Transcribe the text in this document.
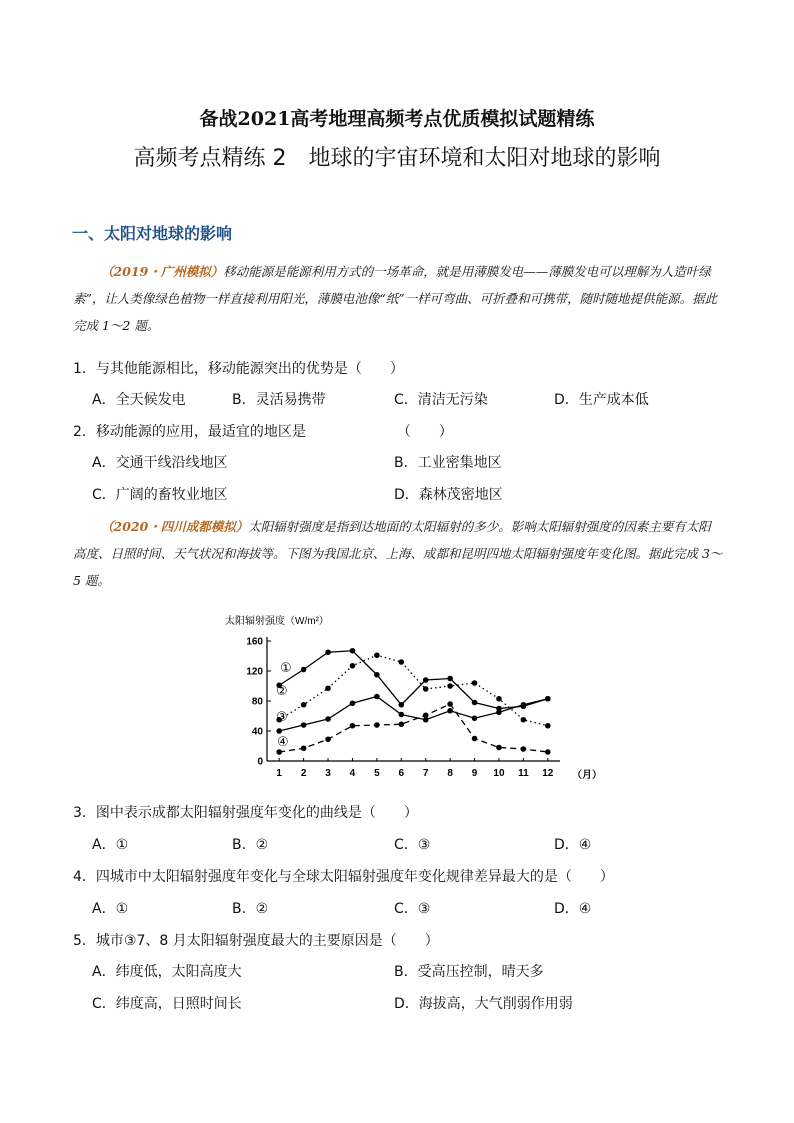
备战2021高考地理高频考点优质模拟试题精练
高频考点精练 2　地球的宇宙环境和太阳对地球的影响
一、太阳对地球的影响
（2019・广州模拟）移动能源是能源利用方式的一场革命，就是用薄膜发电——薄膜发电可以理解为人造叶绿素”，让人类像绿色植物一样直接利用阳光，薄膜电池像“纸”一样可弯曲、可折叠和可携带，随时随地提供能源。据此完成 1～2 题。
1．与其他能源相比，移动能源突出的优势是（　　）
A．全天候发电	B．灵活易携带	C．清洁无污染	D．生产成本低
2．移动能源的应用，最适宜的地区是　　　　　　　（　　）
A．交通干线沿线地区	B．工业密集地区
C．广阔的畜牧业地区	D．森林茂密地区
（2020・四川成都模拟）太阳辐射强度是指到达地面的太阳辐射的多少。影响太阳辐射强度的因素主要有太阳高度、日照时间、天气状况和海拔等。下图为我国北京、上海、成都和昆明四地太阳辐射强度年变化图。据此完成 3～5 题。
太阳辐射强度（W/m²）
0
40
80
120
160
1 2 3 4 5 6 7 8 9 10 11 12
①
②
③
④
（月）
3．图中表示成都太阳辐射强度年变化的曲线是（　　）
A．①	B．②	C．③	D．④
4．四城市中太阳辐射强度年变化与全球太阳辐射强度年变化规律差异最大的是（　　）
A．①	B．②	C．③	D．④
5．城市③7、8 月太阳辐射强度最大的主要原因是（　　）
A．纬度低，太阳高度大	B．受高压控制，晴天多
C．纬度高，日照时间长	D．海拔高，大气削弱作用弱
